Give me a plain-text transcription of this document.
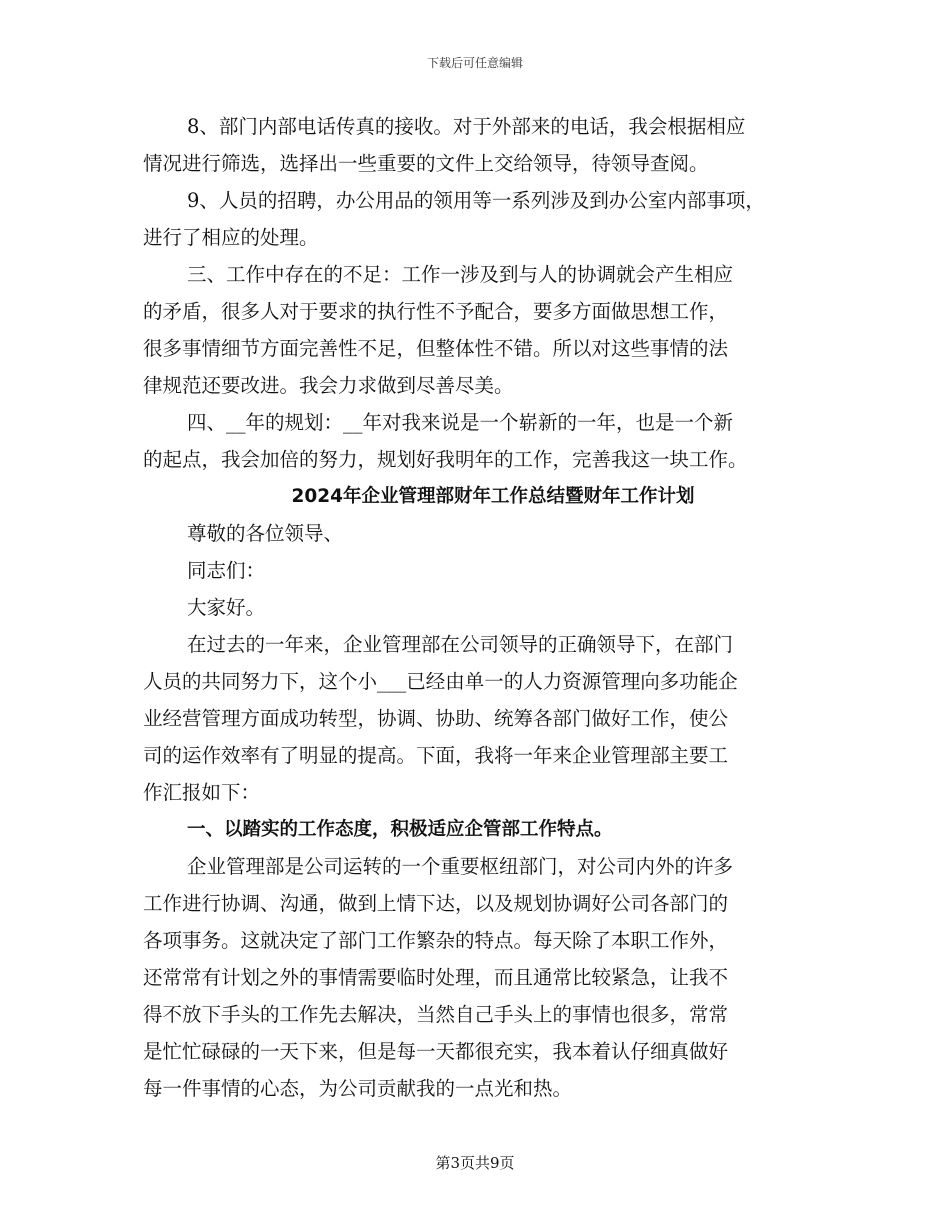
下载后可任意编辑
8、部门内部电话传真的接收。对于外部来的电话，我会根据相应
情况进行筛选，选择出一些重要的文件上交给领导，待领导查阅。
9、人员的招聘，办公用品的领用等一系列涉及到办公室内部事项，
进行了相应的处理。
三、工作中存在的不足：工作一涉及到与人的协调就会产生相应
的矛盾，很多人对于要求的执行性不予配合，要多方面做思想工作，
很多事情细节方面完善性不足，但整体性不错。所以对这些事情的法
律规范还要改进。我会力求做到尽善尽美。
四、__年的规划：__年对我来说是一个崭新的一年，也是一个新
的起点，我会加倍的努力，规划好我明年的工作，完善我这一块工作。
2024年企业管理部财年工作总结暨财年工作计划
尊敬的各位领导、
同志们：
大家好。
在过去的一年来，企业管理部在公司领导的正确领导下，在部门
人员的共同努力下，这个小___已经由单一的人力资源管理向多功能企
业经营管理方面成功转型，协调、协助、统筹各部门做好工作，使公
司的运作效率有了明显的提高。下面，我将一年来企业管理部主要工
作汇报如下：
一、以踏实的工作态度，积极适应企管部工作特点。
企业管理部是公司运转的一个重要枢纽部门，对公司内外的许多
工作进行协调、沟通，做到上情下达，以及规划协调好公司各部门的
各项事务。这就决定了部门工作繁杂的特点。每天除了本职工作外，
还常常有计划之外的事情需要临时处理，而且通常比较紧急，让我不
得不放下手头的工作先去解决，当然自己手头上的事情也很多，常常
是忙忙碌碌的一天下来，但是每一天都很充实，我本着认仔细真做好
每一件事情的心态，为公司贡献我的一点光和热。
第3页共9页
